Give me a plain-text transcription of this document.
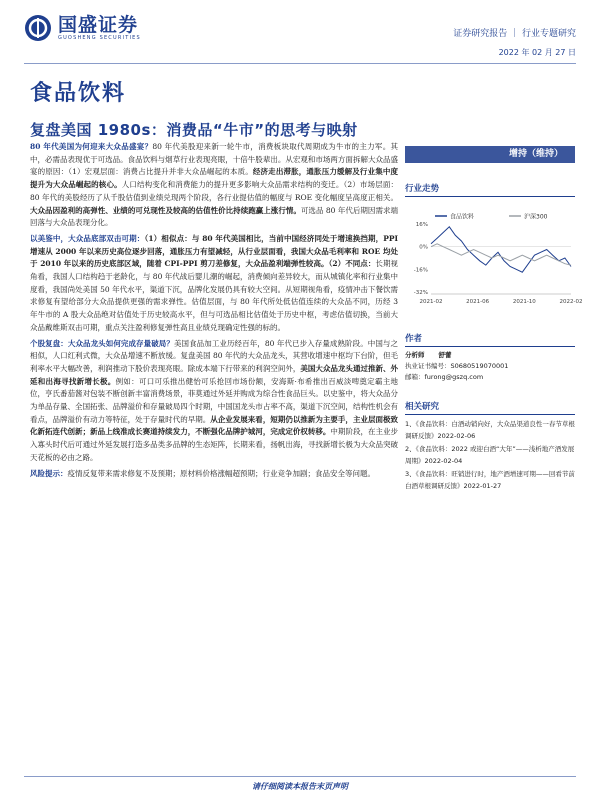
国盛证券
GUOSHENG SECURITIES	证券研究报告 ｜ 行业专题研究
2022 年 02 月 27 日
食品饮料
复盘美国 1980s：消费品“牛市”的思考与映射

80 年代美国为何迎来大众品盛宴？80 年代美股迎来新一轮牛市，消费板块取代周期成为牛市的主力军。其中，必需品表现优于可选品。食品饮料与烟草行业表现亮眼，十倍牛股辈出。从宏观和市场两方面拆解大众品盛宴的原因：（1）宏观层面：消费占比提升并非大众品崛起的本质。经济走出滞胀，通胀压力缓解及行业集中度提升为大众品崛起的核心。人口结构变化和消费能力的提升更多影响大众品需求结构的变迁。（2）市场层面：80 年代的美股经历了从千股估值到业绩兑现两个阶段，各行业提估值的幅度与 ROE 变化幅度呈高度正相关。大众品因盈利的高弹性、业绩的可兑现性及较高的估值性价比持续跑赢上涨行情。可选品 80 年代后期因需求端回落与大众品表现分化。

以美鉴中，大众品底部双击可期：（1）相似点：与 80 年代美国相比，当前中国经济同处于增速换挡期，PPI 增速从 2000 年以来历史高位逐步回落，通胀压力有望减轻，从行业层面看，我国大众品毛利率和 ROE 均处于 2010 年以来的历史底部区域，随着 CPI-PPI 剪刀差修复，大众品盈利端弹性较高。（2）不同点：长期视角看，我国人口结构趋于老龄化，与 80 年代战后婴儿潮的崛起，消费倾向差异较大，而从城镇化率和行业集中度看，我国尚处美国 50 年代水平，渠道下沉，品牌化发展仍具有较大空间。从短期视角看，疫情冲击下餐饮需求修复有望给部分大众品提供更强的需求弹性。估值层面，与 80 年代所处低估值连续的大众品不同，历经 3 年牛市的 A 股大众品绝对估值处于历史较高水平，但与可选品相比估值处于历史中枢，考虑估值切换，当前大众品戴维斯双击可期，重点关注盈利修复弹性高且业绩兑现确定性强的标的。

个股复盘：大众品龙头如何完成存量破局？美国食品加工业历经百年，80 年代已步入存量成熟阶段。中国与之相似，人口红利式微，大众品增速不断放缓。复盘美国 80 年代的大众品龙头，其营收增速中枢均下台阶，但毛利率水平大幅改善，利润推动下股价表现亮眼。除成本端下行带来的利润空间外，美国大众品龙头通过推新、外延和出海寻找新增长极。例如：可口可乐推出健怡可乐抢回市场份额，安海斯·布希推出百威淡啤奠定霸主地位，亨氏番茄酱对包装不断创新丰富消费场景，菲莫通过外延并购成为综合性食品巨头。以史鉴中，将大众品分为单品存量、全国拓张、品牌溢价和存量破局四个时期，中国国龙头市占率不高，渠道下沉空间，结构性机会有看点，品牌溢价有动力等特征，处于存量时代的早期。从企业发展来看，短期仍以推新为主要手，主业层面极致化新拓连代创新；新品上线准成长赛道持续发力，不断强化品牌护城河，完成定价权转移。中期阶段，在主业步入寡头时代后可通过外延发展打造多品类多品牌的生态矩阵，长期来看，扬帆出海，寻找新增长极为大众品突破天花板的必由之路。

风险提示：疫情反复带来需求修复不及预期；原材料价格涨幅超预期；行业竞争加剧；食品安全等问题。

增持（维持）
行业走势
食品饮料	沪深300
16%
0%
-16%
-32%
2021-02	2021-06	2021-10	2022-02
作者
分析师 舒蕾
执业证书编号：S0680519070001
邮箱：furong@gszq.com
相关研究
1、《食品饮料：白酒动销向好，大众品渠道良性一春节草根调研反馈》2022-02-06
2、《食品饮料：2022 或迎白酒“大年”——浅析地产酒发展周期》2022-02-04
3、《食品饮料：旺销进行时，地产酒增速可期——回看节前白酒草根调研反馈》2022-01-27
请仔细阅读本报告末页声明
